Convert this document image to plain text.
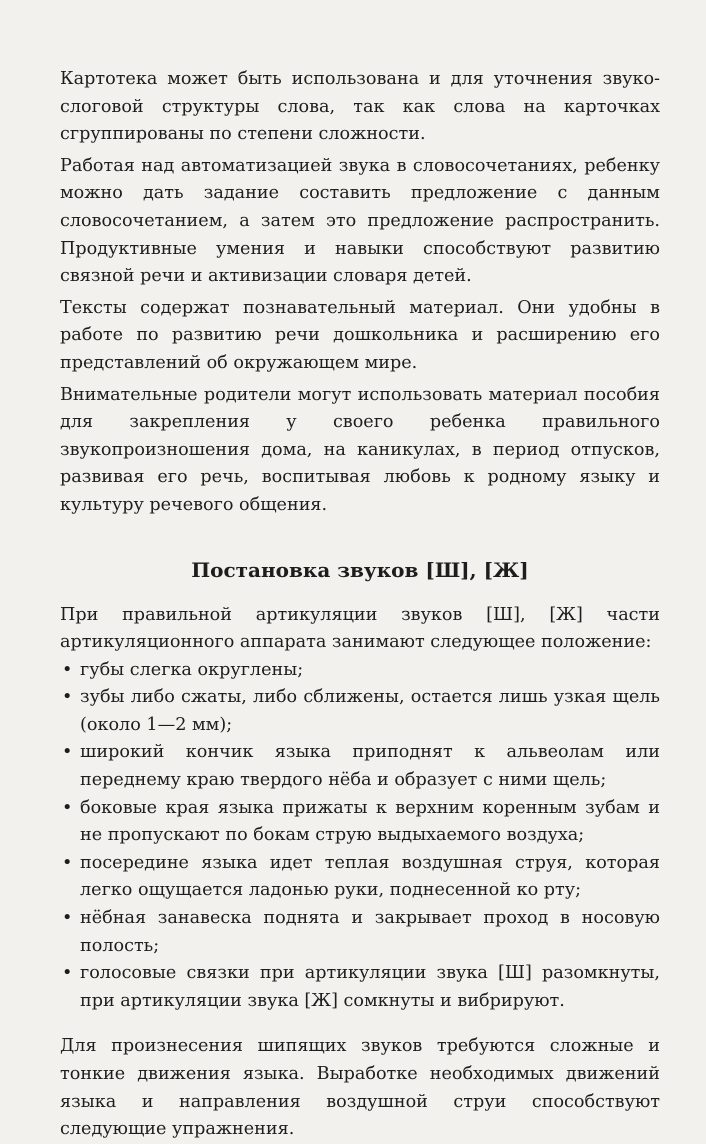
Картотека может быть использована и для уточнения звуко-слоговой структуры слова, так как слова на карточках сгруппированы по степени сложности.

Работая над автоматизацией звука в словосочетаниях, ребенку можно дать задание составить предложение с данным словосочетанием, а затем это предложение распространить. Продуктивные умения и навыки способствуют развитию связной речи и активизации словаря детей.

Тексты содержат познавательный материал. Они удобны в работе по развитию речи дошкольника и расширению его представлений об окружающем мире.

Внимательные родители могут использовать материал пособия для закрепления у своего ребенка правильного звукопроизношения дома, на каникулах, в период отпусков, развивая его речь, воспитывая любовь к родному языку и культуру речевого общения.

Постановка звуков [Ш], [Ж]

При правильной артикуляции звуков [Ш], [Ж] части артикуляционного аппарата занимают следующее положение:

• губы слегка округлены;
• зубы либо сжаты, либо сближены, остается лишь узкая щель (около 1—2 мм);
• широкий кончик языка приподнят к альвеолам или переднему краю твердого нёба и образует с ними щель;
• боковые края языка прижаты к верхним коренным зубам и не пропускают по бокам струю выдыхаемого воздуха;
• посередине языка идет теплая воздушная струя, которая легко ощущается ладонью руки, поднесенной ко рту;
• нёбная занавеска поднята и закрывает проход в носовую полость;
• голосовые связки при артикуляции звука [Ш] разомкнуты, при артикуляции звука [Ж] сомкнуты и вибрируют.

Для произнесения шипящих звуков требуются сложные и тонкие движения языка. Выработке необходимых движений языка и направления воздушной струи способствуют следующие упражнения.
